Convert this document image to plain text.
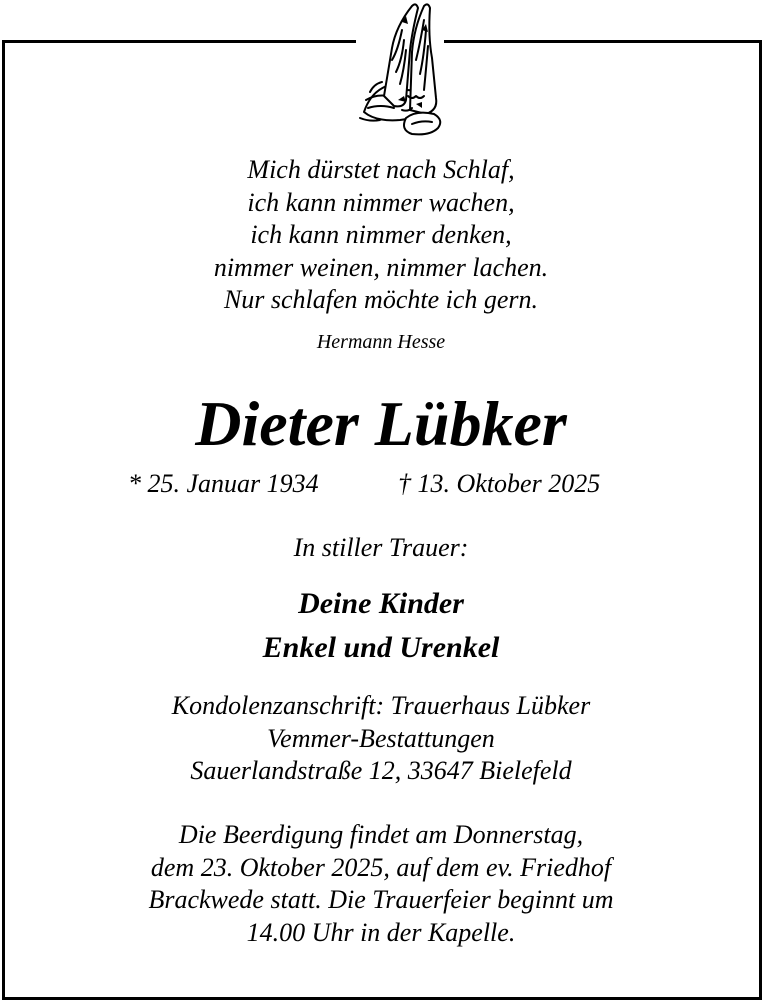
Mich dürstet nach Schlaf,
ich kann nimmer wachen,
ich kann nimmer denken,
nimmer weinen, nimmer lachen.
Nur schlafen möchte ich gern.
Hermann Hesse
Dieter Lübker
* 25. Januar 1934	† 13. Oktober 2025
In stiller Trauer:
Deine Kinder
Enkel und Urenkel
Kondolenzanschrift: Trauerhaus Lübker
Vemmer-Bestattungen
Sauerlandstraße 12, 33647 Bielefeld
Die Beerdigung findet am Donnerstag,
dem 23. Oktober 2025, auf dem ev. Friedhof
Brackwede statt. Die Trauerfeier beginnt um
14.00 Uhr in der Kapelle.
